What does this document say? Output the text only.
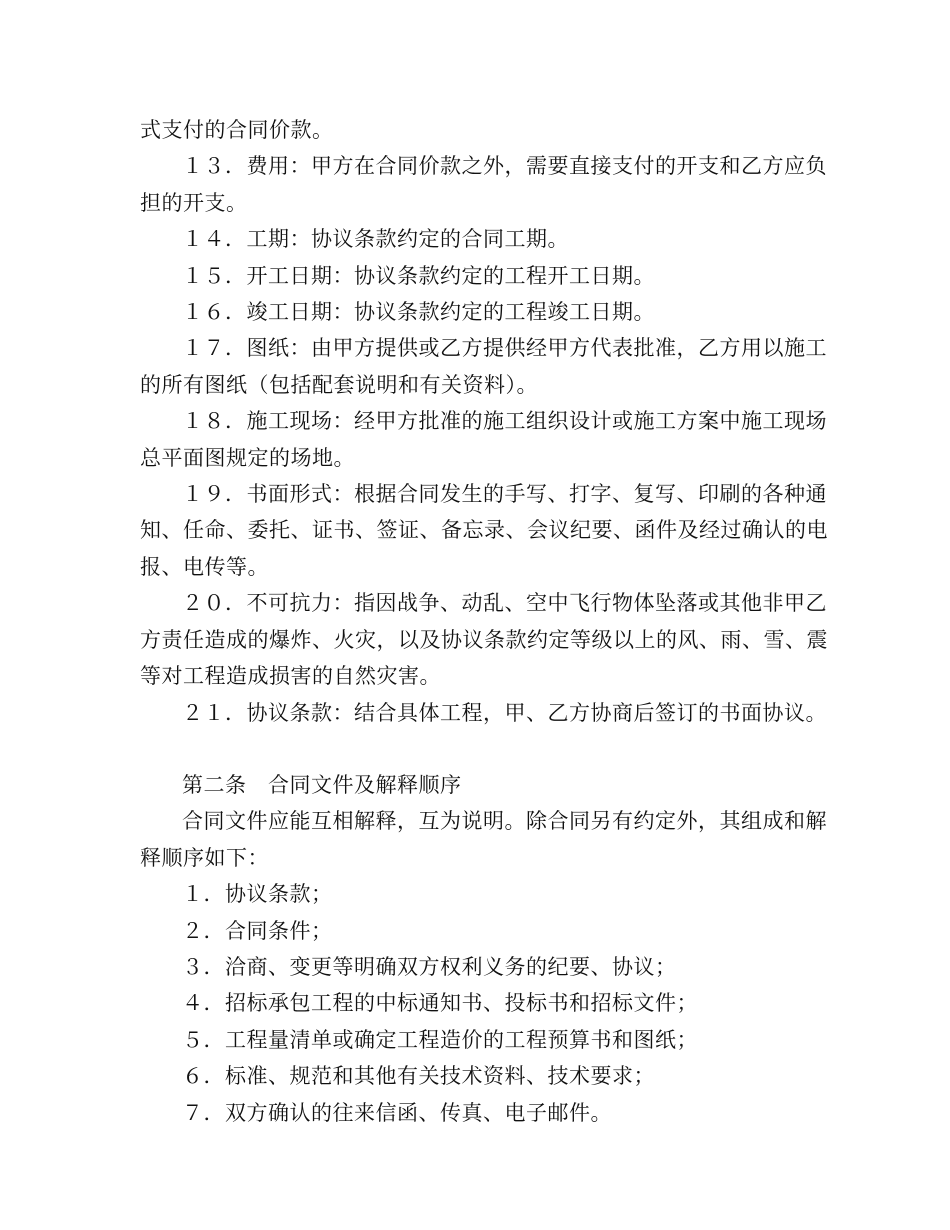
式支付的合同价款。

１３．费用：甲方在合同价款之外，需要直接支付的开支和乙方应负担的开支。

１４．工期：协议条款约定的合同工期。

１５．开工日期：协议条款约定的工程开工日期。

１６．竣工日期：协议条款约定的工程竣工日期。

１７．图纸：由甲方提供或乙方提供经甲方代表批准，乙方用以施工的所有图纸（包括配套说明和有关资料）。

１８．施工现场：经甲方批准的施工组织设计或施工方案中施工现场总平面图规定的场地。

１９．书面形式：根据合同发生的手写、打字、复写、印刷的各种通知、任命、委托、证书、签证、备忘录、会议纪要、函件及经过确认的电报、电传等。

２０．不可抗力：指因战争、动乱、空中飞行物体坠落或其他非甲乙方责任造成的爆炸、火灾，以及协议条款约定等级以上的风、雨、雪、震等对工程造成损害的自然灾害。

２１．协议条款：结合具体工程，甲、乙方协商后签订的书面协议。

第二条　合同文件及解释顺序

合同文件应能互相解释，互为说明。除合同另有约定外，其组成和解释顺序如下：

１．协议条款；

２．合同条件；

３．洽商、变更等明确双方权利义务的纪要、协议；

４．招标承包工程的中标通知书、投标书和招标文件；

５．工程量清单或确定工程造价的工程预算书和图纸；

６．标准、规范和其他有关技术资料、技术要求；

７．双方确认的往来信函、传真、电子邮件。
